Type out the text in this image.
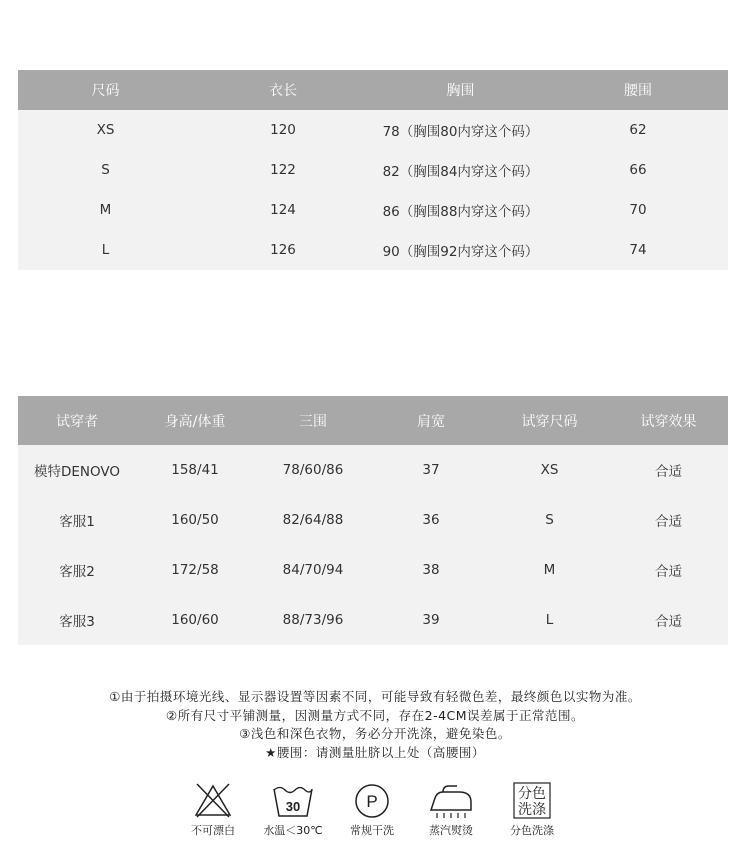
尺码	衣长	胸围	腰围
XS	120	78（胸围80内穿这个码）	62
S	122	82（胸围84内穿这个码）	66
M	124	86（胸围88内穿这个码）	70
L	126	90（胸围92内穿这个码）	74
试穿者	身高/体重	三围	肩宽	试穿尺码	试穿效果
模特DENOVO	158/41	78/60/86	37	XS	合适
客服1	160/50	82/64/88	36	S	合适
客服2	172/58	84/70/94	38	M	合适
客服3	160/60	88/73/96	39	L	合适
①由于拍摄环境光线、显示器设置等因素不同，可能导致有轻微色差，最终颜色以实物为准。
②所有尺寸平铺测量，因测量方式不同，存在2-4CM误差属于正常范围。
③浅色和深色衣物，务必分开洗涤，避免染色。
★腰围：请测量肚脐以上处（高腰围）
不可漂白
30
水温＜30℃
P
常规干洗	蒸汽熨烫
分色
洗涤
分色洗涤
